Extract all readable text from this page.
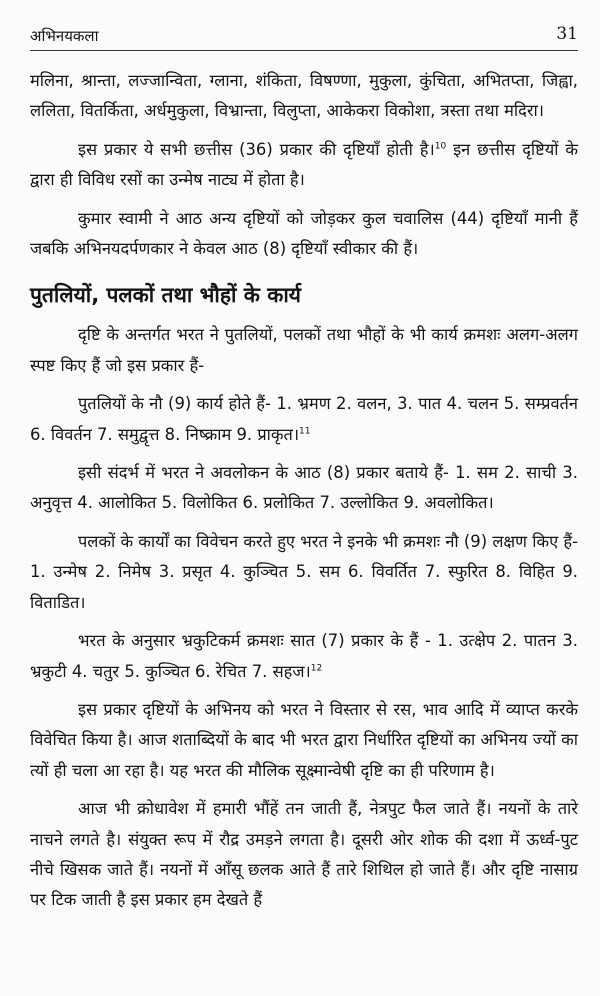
अभिनयकला	31

मलिना, श्रान्ता, लज्जान्विता, ग्लाना, शंकिता, विषण्णा, मुकुला, कुंचिता, अभितप्ता, जिह्वा, ललिता, वितर्किता, अर्धमुकुला, विभ्रान्ता, विलुप्ता, आकेकरा विकोशा, त्रस्ता तथा मदिरा।

इस प्रकार ये सभी छत्तीस (36) प्रकार की दृष्टियाँ होती है।$^{10}$ इन छत्तीस दृष्टियों के द्वारा ही विविध रसों का उन्मेष नाट्य में होता है।

कुमार स्वामी ने आठ अन्य दृष्टियों को जोड़कर कुल चवालिस (44) दृष्टियाँ मानी हैं जबकि अभिनयदर्पणकार ने केवल आठ (8) दृष्टियाँ स्वीकार की हैं।

पुतलियों, पलकों तथा भौहों के कार्य

दृष्टि के अन्तर्गत भरत ने पुतलियों, पलकों तथा भौहों के भी कार्य क्रमशः अलग-अलग स्पष्ट किए हैं जो इस प्रकार हैं-

पुतलियों के नौ (9) कार्य होते हैं- 1. भ्रमण 2. वलन, 3. पात 4. चलन 5. सम्प्रवर्तन 6. विवर्तन 7. समुद्वृत्त 8. निष्क्राम 9. प्राकृत।$^{11}$

इसी संदर्भ में भरत ने अवलोकन के आठ (8) प्रकार बताये हैं- 1. सम 2. साची 3. अनुवृत्त 4. आलोकित 5. विलोकित 6. प्रलोकित 7. उल्लोकित 9. अवलोकित।

पलकों के कार्यों का विवेचन करते हुए भरत ने इनके भी क्रमशः नौ (9) लक्षण किए हैं- 1. उन्मेष 2. निमेष 3. प्रसृत 4. कुञ्चित 5. सम 6. विवर्तित 7. स्फुरित 8. विहित 9. विताडित।

भरत के अनुसार भ्रकुटिकर्म क्रमशः सात (7) प्रकार के हैं - 1. उत्क्षेप 2. पातन 3. भ्रकुटी 4. चतुर 5. कुञ्चित 6. रेचित 7. सहज।$^{12}$

इस प्रकार दृष्टियों के अभिनय को भरत ने विस्तार से रस, भाव आदि में व्याप्त करके विवेचित किया है। आज शताब्दियों के बाद भी भरत द्वारा निर्धारित दृष्टियों का अभिनय ज्यों का त्यों ही चला आ रहा है। यह भरत की मौलिक सूक्ष्मान्वेषी दृष्टि का ही परिणाम है।

आज भी क्रोधावेश में हमारी भौंहें तन जाती हैं, नेत्रपुट फैल जाते हैं। नयनों के तारे नाचने लगते है। संयुक्त रूप में रौद्र उमड़ने लगता है। दूसरी ओर शोक की दशा में ऊर्ध्व-पुट नीचे खिसक जाते हैं। नयनों में आँसू छलक आते हैं तारे शिथिल हो जाते हैं। और दृष्टि नासाग्र पर टिक जाती है इस प्रकार हम देखते हैं
